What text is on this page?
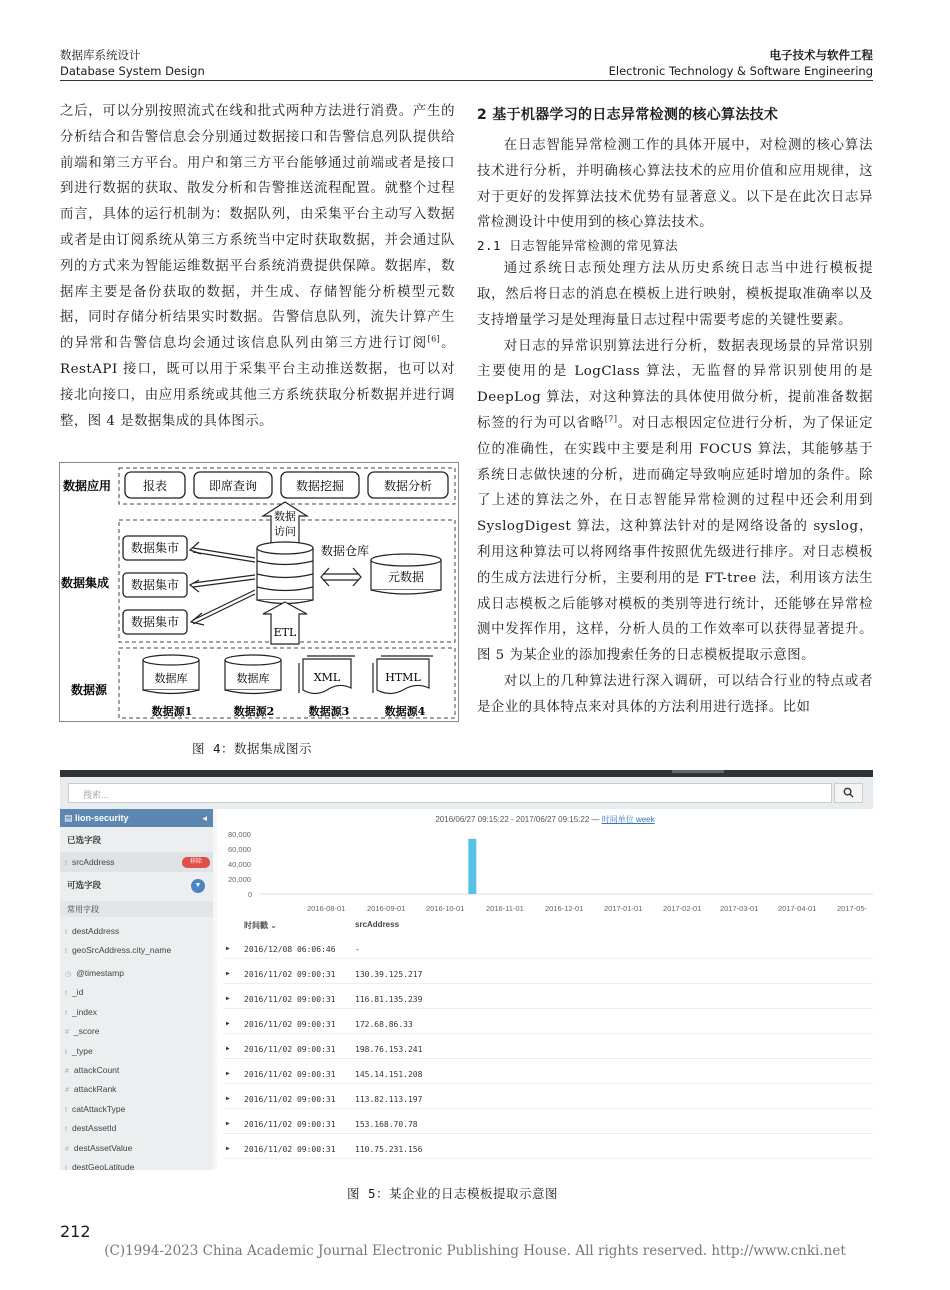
数据库系统设计
Database System Design
电子技术与软件工程
Electronic Technology & Software Engineering

之后，可以分别按照流式在线和批式两种方法进行消费。产生的分析结合和告警信息会分别通过数据接口和告警信息列队提供给前端和第三方平台。用户和第三方平台能够通过前端或者是接口到进行数据的获取、散发分析和告警推送流程配置。就整个过程而言，具体的运行机制为：数据队列，由采集平台主动写入数据或者是由订阅系统从第三方系统当中定时获取数据，并会通过队列的方式来为智能运维数据平台系统消费提供保障。数据库，数据库主要是备份获取的数据，并生成、存储智能分析模型元数据，同时存储分析结果实时数据。告警信息队列，流失计算产生的异常和告警信息均会通过该信息队列由第三方进行订阅[6]。RestAPI 接口，既可以用于采集平台主动推送数据，也可以对接北向接口，由应用系统或其他三方系统获取分析数据并进行调整，图 4 是数据集成的具体图示。

数据应用
数据集成
数据源
报表	即席查询	数据挖掘	数据分析
数据
访问
数据集市
数据集市
数据集市
数据仓库
元数据
ETL
数据库	数据库	XML	HTML
数据源1	数据源2	数据源3	数据源4
图 4：数据集成图示

2 基于机器学习的日志异常检测的核心算法技术

在日志智能异常检测工作的具体开展中，对检测的核心算法技术进行分析，并明确核心算法技术的应用价值和应用规律，这对于更好的发挥算法技术优势有显著意义。以下是在此次日志异常检测设计中使用到的核心算法技术。

2.1 日志智能异常检测的常见算法

通过系统日志预处理方法从历史系统日志当中进行模板提取，然后将日志的消息在模板上进行映射，模板提取准确率以及支持增量学习是处理海量日志过程中需要考虑的关键性要素。

对日志的异常识别算法进行分析，数据表现场景的异常识别主要使用的是 LogClass 算法，无监督的异常识别使用的是 DeepLog 算法，对这种算法的具体使用做分析，提前准备数据标签的行为可以省略[7]。对日志根因定位进行分析，为了保证定位的准确性，在实践中主要是利用 FOCUS 算法，其能够基于系统日志做快速的分析，进而确定导致响应延时增加的条件。除了上述的算法之外，在日志智能异常检测的过程中还会利用到 SyslogDigest 算法，这种算法针对的是网络设备的 syslog，利用这种算法可以将网络事件按照优先级进行排序。对日志模板的生成方法进行分析，主要利用的是 FT-tree 法，利用该方法生成日志模板之后能够对模板的类别等进行统计，还能够在异常检测中发挥作用，这样，分析人员的工作效率可以获得显著提升。图 5 为某企业的添加搜索任务的日志模板提取示意图。

对以上的几种算法进行深入调研，可以结合行业的特点或者是企业的具体特点来对具体的方法利用进行选择。比如

搜索...
▤ lion-security	◂
已选字段
t srcAddress	移除
可选字段	▼
常用字段
t destAddress
t geoSrcAddress.city_name
◷ @timestamp
t _id
t _index
# _score
t _type
# attackCount
# attackRank
t catAttackType
t destAssetId
# destAssetValue
t destGeoLatitude
2016/06/27 09:15:22 - 2017/06/27 09:15:22 — 时间单位 week
80,000
60,000
40,000
20,000
0
2016-08-01	2016-09-01	2016-10-01	2016-11-01	2016-12-01	2017-01-01	2017-02-01 2017-03-01	2017-04-01	2017-05-
时间戳 ⌄	srcAddress
▶ 2016/12/08 06:06:46 -
▶ 2016/11/02 09:00:31 130.39.125.217
▶ 2016/11/02 09:00:31 116.81.135.239
▶ 2016/11/02 09:00:31 172.68.86.33
▶ 2016/11/02 09:00:31 198.76.153.241
▶ 2016/11/02 09:00:31 145.14.151.208
▶ 2016/11/02 09:00:31 113.82.113.197
▶ 2016/11/02 09:00:31 153.168.70.78
▶ 2016/11/02 09:00:31 110.75.231.156
图 5：某企业的日志模板提取示意图
212
(C)1994-2023 China Academic Journal Electronic Publishing House. All rights reserved. http://www.cnki.net
